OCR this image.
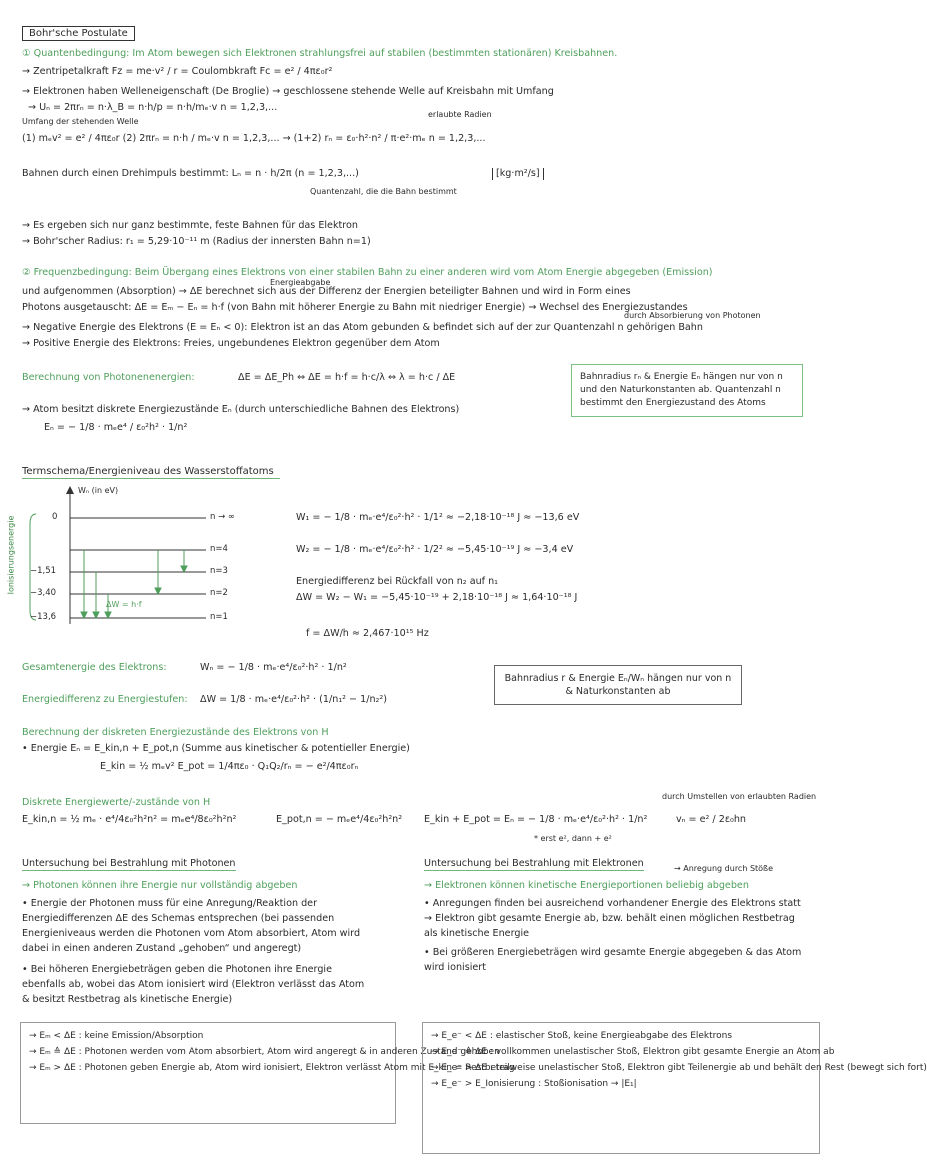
Bohr'sche Postulate
① Quantenbedingung: Im Atom bewegen sich Elektronen strahlungsfrei auf stabilen (bestimmten stationären) Kreisbahnen.
→ Zentripetalkraft Fz = me·v² / r = Coulombkraft Fc = e² / 4πε₀r²
→ Elektronen haben Welleneigenschaft (De Broglie) → geschlossene stehende Welle auf Kreisbahn mit Umfang
→ Uₙ = 2πrₙ = n·λ_B = n·h/p = n·h/mₑ·v n = 1,2,3,...
Umfang der stehenden Welle
erlaubte Radien
(1) mₑv² = e² / 4πε₀r (2) 2πrₙ = n·h / mₑ·v n = 1,2,3,... → (1+2) rₙ = ε₀·h²·n² / π·e²·mₑ n = 1,2,3,...
Bahnen durch einen Drehimpuls bestimmt: Lₙ = n · h/2π (n = 1,2,3,...)	[kg·m²/s]
Quantenzahl, die die Bahn bestimmt
→ Es ergeben sich nur ganz bestimmte, feste Bahnen für das Elektron
→ Bohr'scher Radius: r₁ = 5,29·10⁻¹¹ m (Radius der innersten Bahn n=1)
Energieabgabe
② Frequenzbedingung: Beim Übergang eines Elektrons von einer stabilen Bahn zu einer anderen wird vom Atom Energie abgegeben (Emission)
und aufgenommen (Absorption) → ΔE berechnet sich aus der Differenz der Energien beteiligter Bahnen und wird in Form eines
Photons ausgetauscht: ΔE = Eₘ − Eₙ = h·f (von Bahn mit höherer Energie zu Bahn mit niedriger Energie) → Wechsel des Energiezustandes
durch Absorbierung von Photonen
→ Negative Energie des Elektrons (E = Eₙ < 0): Elektron ist an das Atom gebunden & befindet sich auf der zur Quantenzahl n gehörigen Bahn
→ Positive Energie des Elektrons: Freies, ungebundenes Elektron gegenüber dem Atom
Berechnung von Photonenenergien:	ΔE = ΔE_Ph ⇔ ΔE = h·f = h·c/λ ⇔ λ = h·c / ΔE
→ Atom besitzt diskrete Energiezustände Eₙ (durch unterschiedliche Bahnen des Elektrons)
Eₙ = − 1/8 · mₑe⁴ / ε₀²h² · 1/n²
Bahnradius rₙ & Energie Eₙ hängen nur von n und den Naturkonstanten ab. Quantenzahl n bestimmt den Energiezustand des Atoms
Termschema/Energieniveau des Wasserstoffatoms
Wₙ (in eV)
Ionisierungsenergie	0
−1,51
−3,40
−13,6
n → ∞
n=4
n=3
n=2
n=1
ΔW = h·f
W₁ = − 1/8 · mₑ·e⁴/ε₀²·h² · 1/1² ≈ −2,18·10⁻¹⁸ J ≈ −13,6 eV
W₂ = − 1/8 · mₑ·e⁴/ε₀²·h² · 1/2² ≈ −5,45·10⁻¹⁹ J ≈ −3,4 eV
Energiedifferenz bei Rückfall von n₂ auf n₁
ΔW = W₂ − W₁ = −5,45·10⁻¹⁹ + 2,18·10⁻¹⁸ J ≈ 1,64·10⁻¹⁸ J
f = ΔW/h ≈ 2,467·10¹⁵ Hz
Gesamtenergie des Elektrons:	Wₙ = − 1/8 · mₑ·e⁴/ε₀²·h² · 1/n²
Energiedifferenz zu Energiestufen: ΔW = 1/8 · mₑ·e⁴/ε₀²·h² · (1/n₁² − 1/n₂²)
Bahnradius r & Energie Eₙ/Wₙ hängen nur von n & Naturkonstanten ab
Berechnung der diskreten Energiezustände des Elektrons von H
• Energie Eₙ = E_kin,n + E_pot,n (Summe aus kinetischer & potentieller Energie)
E_kin = ½ mₑv² E_pot = 1/4πε₀ · Q₁Q₂/rₙ = − e²/4πε₀rₙ
Diskrete Energiewerte/-zustände von H
E_kin,n = ½ mₑ · e⁴/4ε₀²h²n² = mₑe⁴/8ε₀²h²n²	E_pot,n = − mₑe⁴/4ε₀²h²n² E_kin + E_pot = Eₙ = − 1/8 · mₑ·e⁴/ε₀²·h² · 1/n²
* erst e², dann + e²
durch Umstellen von erlaubten Radien
vₙ = e² / 2ε₀hn
Untersuchung bei Bestrahlung mit Photonen
→ Photonen können ihre Energie nur vollständig abgeben
• Energie der Photonen muss für eine Anregung/Reaktion der Energiedifferenzen ΔE des Schemas entsprechen (bei passenden Energieniveaus werden die Photonen vom Atom absorbiert, Atom wird dabei in einen anderen Zustand „gehoben“ und angeregt)
• Bei höheren Energiebeträgen geben die Photonen ihre Energie ebenfalls ab, wobei das Atom ionisiert wird (Elektron verlässt das Atom & besitzt Restbetrag als kinetische Energie)
→ Eₘ < ΔE : keine Emission/Absorption
→ Eₘ ≙ ΔE : Photonen werden vom Atom absorbiert, Atom wird angeregt & in anderen Zustand gehoben
→ Eₘ > ΔE : Photonen geben Energie ab, Atom wird ionisiert, Elektron verlässt Atom mit E_kin = Restbetrag
Untersuchung bei Bestrahlung mit Elektronen	→ Anregung durch Stöße
→ Elektronen können kinetische Energieportionen beliebig abgeben
• Anregungen finden bei ausreichend vorhandener Energie des Elektrons statt → Elektron gibt gesamte Energie ab, bzw. behält einen möglichen Restbetrag als kinetische Energie
• Bei größeren Energiebeträgen wird gesamte Energie abgegeben & das Atom wird ionisiert
→ E_e⁻ < ΔE : elastischer Stoß, keine Energieabgabe des Elektrons
→ E_e⁻ ≙ ΔE : vollkommen unelastischer Stoß, Elektron gibt gesamte Energie an Atom ab
→ E_e⁻ > ΔE : teilweise unelastischer Stoß, Elektron gibt Teilenergie ab und behält den Rest (bewegt sich fort)
→ E_e⁻ > E_Ionisierung : Stoßionisation → |E₁|
